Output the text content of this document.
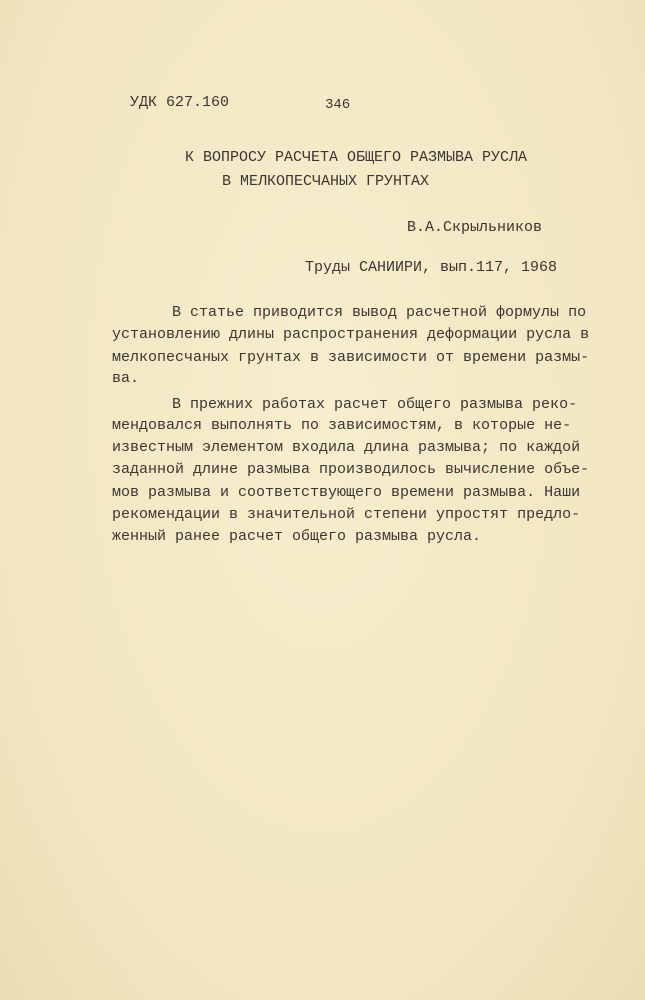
УДК 627.160	346
К ВОПРОСУ РАСЧЕТА ОБЩЕГО РАЗМЫВА РУСЛА
В МЕЛКОПЕСЧАНЫХ ГРУНТАХ
В.А.Скрыльников
Труды САНИИРИ, вып.117, 1968
В статье приводится вывод расчетной формулы по
установлению длины распространения деформации русла в
мелкопесчаных грунтах в зависимости от времени размы-
ва.
В прежних работах расчет общего размыва реко-
мендовался выполнять по зависимостям, в которые не-
известным элементом входила длина размыва; по каждой
заданной длине размыва производилось вычисление объе-
мов размыва и соответствующего времени размыва. Наши
рекомендации в значительной степени упростят предло-
женный ранее расчет общего размыва русла.
